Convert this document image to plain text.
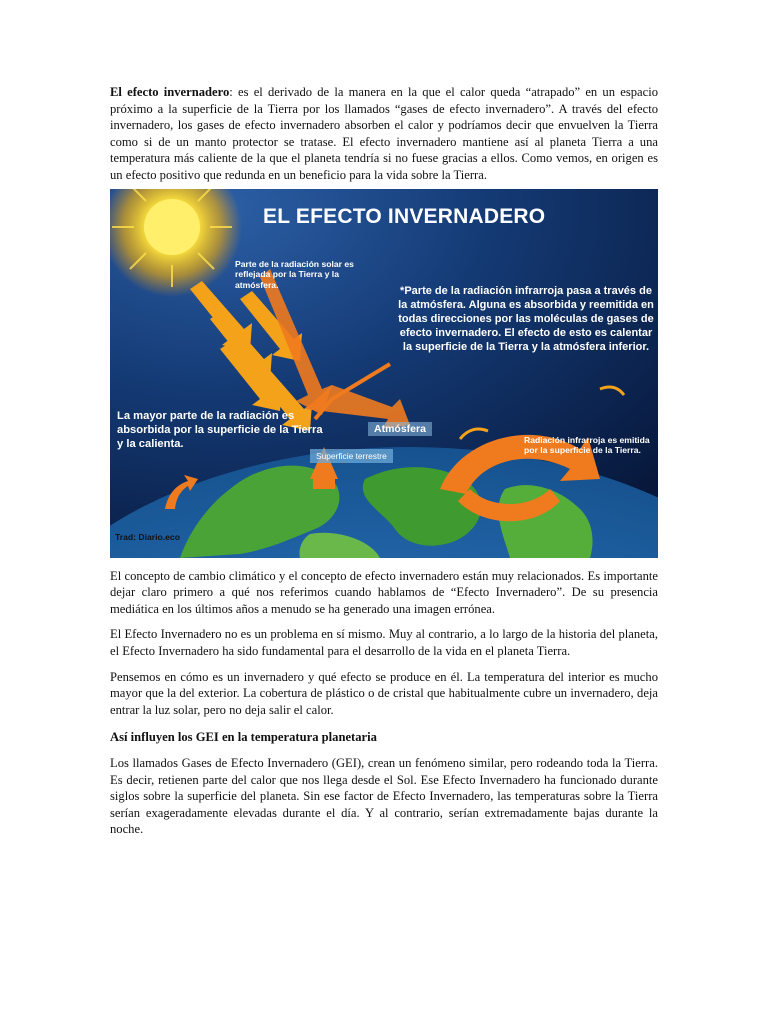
El efecto invernadero: es el derivado de la manera en la que el calor queda “atrapado” en un espacio próximo a la superficie de la Tierra por los llamados “gases de efecto invernadero”. A través del efecto invernadero, los gases de efecto invernadero absorben el calor y podríamos decir que envuelven la Tierra como si de un manto protector se tratase. El efecto invernadero mantiene así al planeta Tierra a una temperatura más caliente de la que el planeta tendría si no fuese gracias a ellos. Como vemos, en origen es un efecto positivo que redunda en un beneficio para la vida sobre la Tierra.

EL EFECTO INVERNADERO
Parte de la radiación solar es reflejada por la Tierra y la atmósfera.	*Parte de la radiación infrarroja pasa a través de la atmósfera. Alguna es absorbida y reemitida en todas direcciones por las moléculas de gases de efecto invernadero. El efecto de esto es calentar la superficie de la Tierra y la atmósfera inferior.
La mayor parte de la radiación es absorbida por la superficie de la Tierra y la calienta.
Atmósfera
Superficie terrestre
Radiación infrarroja es emitida por la superficie de la Tierra.
Trad: Diario.eco

El concepto de cambio climático y el concepto de efecto invernadero están muy relacionados. Es importante dejar claro primero a qué nos referimos cuando hablamos de “Efecto Invernadero”. De su presencia mediática en los últimos años a menudo se ha generado una imagen errónea.

El Efecto Invernadero no es un problema en sí mismo. Muy al contrario, a lo largo de la historia del planeta, el Efecto Invernadero ha sido fundamental para el desarrollo de la vida en el planeta Tierra.

Pensemos en cómo es un invernadero y qué efecto se produce en él. La temperatura del interior es mucho mayor que la del exterior. La cobertura de plástico o de cristal que habitualmente cubre un invernadero, deja entrar la luz solar, pero no deja salir el calor.

Así influyen los GEI en la temperatura planetaria

Los llamados Gases de Efecto Invernadero (GEI), crean un fenómeno similar, pero rodeando toda la Tierra. Es decir, retienen parte del calor que nos llega desde el Sol. Ese Efecto Invernadero ha funcionado durante siglos sobre la superficie del planeta. Sin ese factor de Efecto Invernadero, las temperaturas sobre la Tierra serían exageradamente elevadas durante el día. Y al contrario, serían extremadamente bajas durante la noche.
